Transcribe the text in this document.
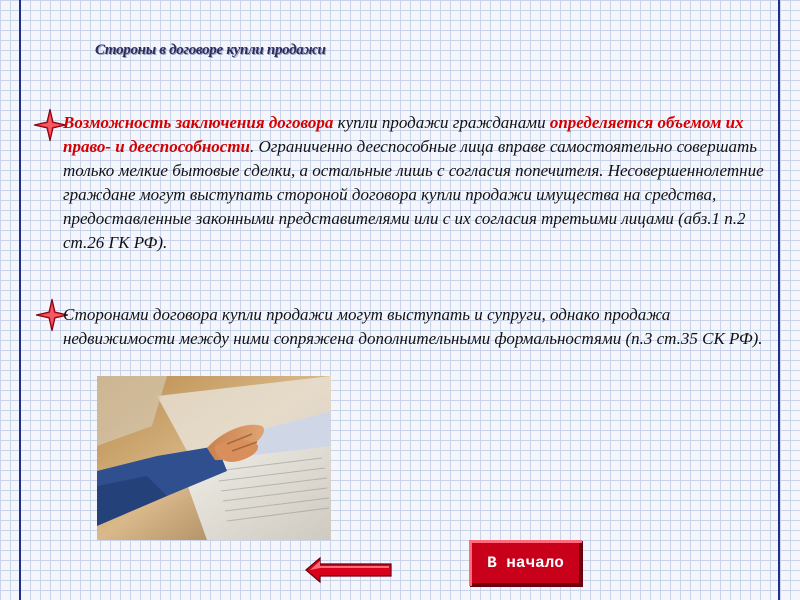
Стороны в договоре купли продажи
Возможность заключения договора купли продажи гражданами определяется объемом их право- и дееспособности. Ограниченно дееспособные лица вправе самостоятельно совершать только мелкие бытовые сделки, а остальные лишь с согласия попечителя. Несовершеннолетние граждане могут выступать стороной договора купли продажи имущества на средства, предоставленные законными представителями или с их согласия третьими лицами (абз.1 п.2 ст.26 ГК РФ).
Сторонами договора купли продажи могут выступать и супруги, однако продажа недвижимости между ними сопряжена дополнительными формальностями (п.3 ст.35 СК РФ).
В начало
